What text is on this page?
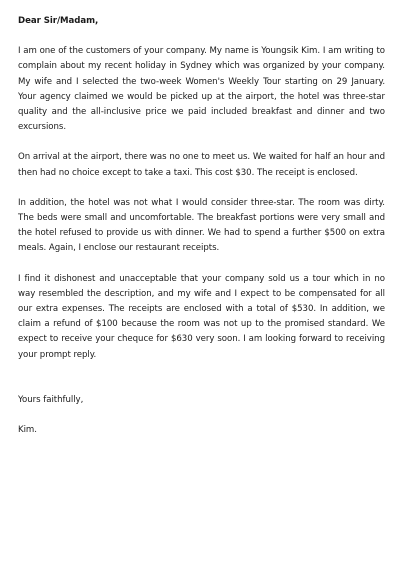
Dear Sir/Madam,

I am one of the customers of your company. My name is Youngsik Kim. I am writing to complain about my recent holiday in Sydney which was organized by your company. My wife and I selected the two-week Women's Weekly Tour starting on 29 January. Your agency claimed we would be picked up at the airport, the hotel was three-star quality and the all-inclusive price we paid included breakfast and dinner and two excursions.

On arrival at the airport, there was no one to meet us. We waited for half an hour and then had no choice except to take a taxi. This cost $30. The receipt is enclosed.

In addition, the hotel was not what I would consider three-star. The room was dirty. The beds were small and uncomfortable. The breakfast portions were very small and the hotel refused to provide us with dinner. We had to spend a further $500 on extra meals. Again, I enclose our restaurant receipts.

I find it dishonest and unacceptable that your company sold us a tour which in no way resembled the description, and my wife and I expect to be compensated for all our extra expenses. The receipts are enclosed with a total of $530. In addition, we claim a refund of $100 because the room was not up to the promised standard. We expect to receive your chequce for $630 very soon. I am looking forward to receiving your prompt reply.

Yours faithfully,

Kim.
